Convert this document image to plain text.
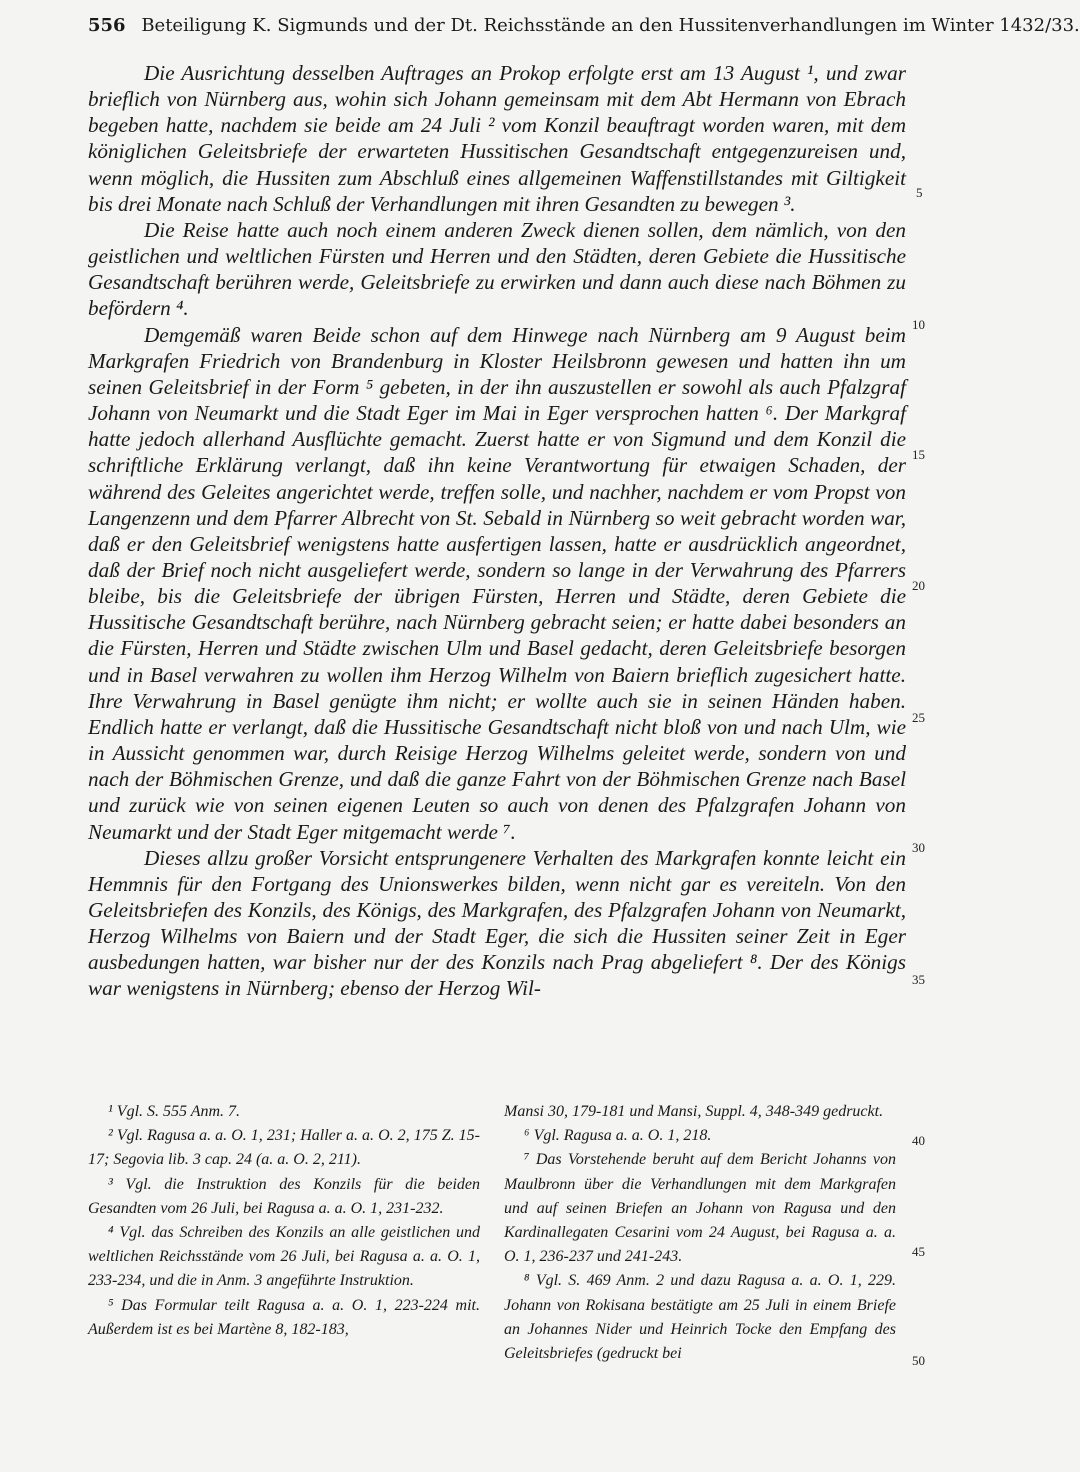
556 Beteiligung K. Sigmunds und der Dt. Reichsstände an den Hussitenverhandlungen im Winter 1432/33.

Die Ausrichtung desselben Auftrages an Prokop erfolgte erst am 13 August ¹, und zwar brieflich von Nürnberg aus, wohin sich Johann gemeinsam mit dem Abt Hermann von Ebrach begeben hatte, nachdem sie beide am 24 Juli ² vom Konzil beauftragt worden waren, mit dem königlichen Geleitsbriefe der erwarteten Hussitischen Gesandtschaft entgegenzureisen und, wenn möglich, die Hussiten zum Abschluß eines allgemeinen Waffenstillstandes mit Giltigkeit bis drei Monate nach Schluß der Verhandlungen mit ihren Gesandten zu bewegen ³.

Die Reise hatte auch noch einem anderen Zweck dienen sollen, dem nämlich, von den geistlichen und weltlichen Fürsten und Herren und den Städten, deren Gebiete die Hussitische Gesandtschaft berühren werde, Geleitsbriefe zu erwirken und dann auch diese nach Böhmen zu befördern ⁴.

Demgemäß waren Beide schon auf dem Hinwege nach Nürnberg am 9 August beim Markgrafen Friedrich von Brandenburg in Kloster Heilsbronn gewesen und hatten ihn um seinen Geleitsbrief in der Form ⁵ gebeten, in der ihn auszustellen er sowohl als auch Pfalzgraf Johann von Neumarkt und die Stadt Eger im Mai in Eger versprochen hatten ⁶. Der Markgraf hatte jedoch allerhand Ausflüchte gemacht. Zuerst hatte er von Sigmund und dem Konzil die schriftliche Erklärung verlangt, daß ihn keine Verantwortung für etwaigen Schaden, der während des Geleites angerichtet werde, treffen solle, und nachher, nachdem er vom Propst von Langenzenn und dem Pfarrer Albrecht von St. Sebald in Nürnberg so weit gebracht worden war, daß er den Geleitsbrief wenigstens hatte ausfertigen lassen, hatte er ausdrücklich angeordnet, daß der Brief noch nicht ausgeliefert werde, sondern so lange in der Verwahrung des Pfarrers bleibe, bis die Geleitsbriefe der übrigen Fürsten, Herren und Städte, deren Gebiete die Hussitische Gesandtschaft berühre, nach Nürnberg gebracht seien; er hatte dabei besonders an die Fürsten, Herren und Städte zwischen Ulm und Basel gedacht, deren Geleitsbriefe besorgen und in Basel verwahren zu wollen ihm Herzog Wilhelm von Baiern brieflich zugesichert hatte. Ihre Verwahrung in Basel genügte ihm nicht; er wollte auch sie in seinen Händen haben. Endlich hatte er verlangt, daß die Hussitische Gesandtschaft nicht bloß von und nach Ulm, wie in Aussicht genommen war, durch Reisige Herzog Wilhelms geleitet werde, sondern von und nach der Böhmischen Grenze, und daß die ganze Fahrt von der Böhmischen Grenze nach Basel und zurück wie von seinen eigenen Leuten so auch von denen des Pfalzgrafen Johann von Neumarkt und der Stadt Eger mitgemacht werde ⁷.

Dieses allzu großer Vorsicht entsprungenere Verhalten des Markgrafen konnte leicht ein Hemmnis für den Fortgang des Unionswerkes bilden, wenn nicht gar es vereiteln. Von den Geleitsbriefen des Konzils, des Königs, des Markgrafen, des Pfalzgrafen Johann von Neumarkt, Herzog Wilhelms von Baiern und der Stadt Eger, die sich die Hussiten seiner Zeit in Eger ausbedungen hatten, war bisher nur der des Konzils nach Prag abgeliefert ⁸. Der des Königs war wenigstens in Nürnberg; ebenso der Herzog Wil-

5
10
15
20
25
30
35
40
45
50

¹ Vgl. S. 555 Anm. 7.

² Vgl. Ragusa a. a. O. 1, 231; Haller a. a. O. 2, 175 Z. 15-17; Segovia lib. 3 cap. 24 (a. a. O. 2, 211).

³ Vgl. die Instruktion des Konzils für die beiden Gesandten vom 26 Juli, bei Ragusa a. a. O. 1, 231-232.

⁴ Vgl. das Schreiben des Konzils an alle geistlichen und weltlichen Reichsstände vom 26 Juli, bei Ragusa a. a. O. 1, 233-234, und die in Anm. 3 angeführte Instruktion.

⁵ Das Formular teilt Ragusa a. a. O. 1, 223-224 mit. Außerdem ist es bei Martène 8, 182-183,

Mansi 30, 179-181 und Mansi, Suppl. 4, 348-349 gedruckt.

⁶ Vgl. Ragusa a. a. O. 1, 218.

⁷ Das Vorstehende beruht auf dem Bericht Johanns von Maulbronn über die Verhandlungen mit dem Markgrafen und auf seinen Briefen an Johann von Ragusa und den Kardinallegaten Cesarini vom 24 August, bei Ragusa a. a. O. 1, 236-237 und 241-243.

⁸ Vgl. S. 469 Anm. 2 und dazu Ragusa a. a. O. 1, 229. Johann von Rokisana bestätigte am 25 Juli in einem Briefe an Johannes Nider und Heinrich Tocke den Empfang des Geleitsbriefes (gedruckt bei
